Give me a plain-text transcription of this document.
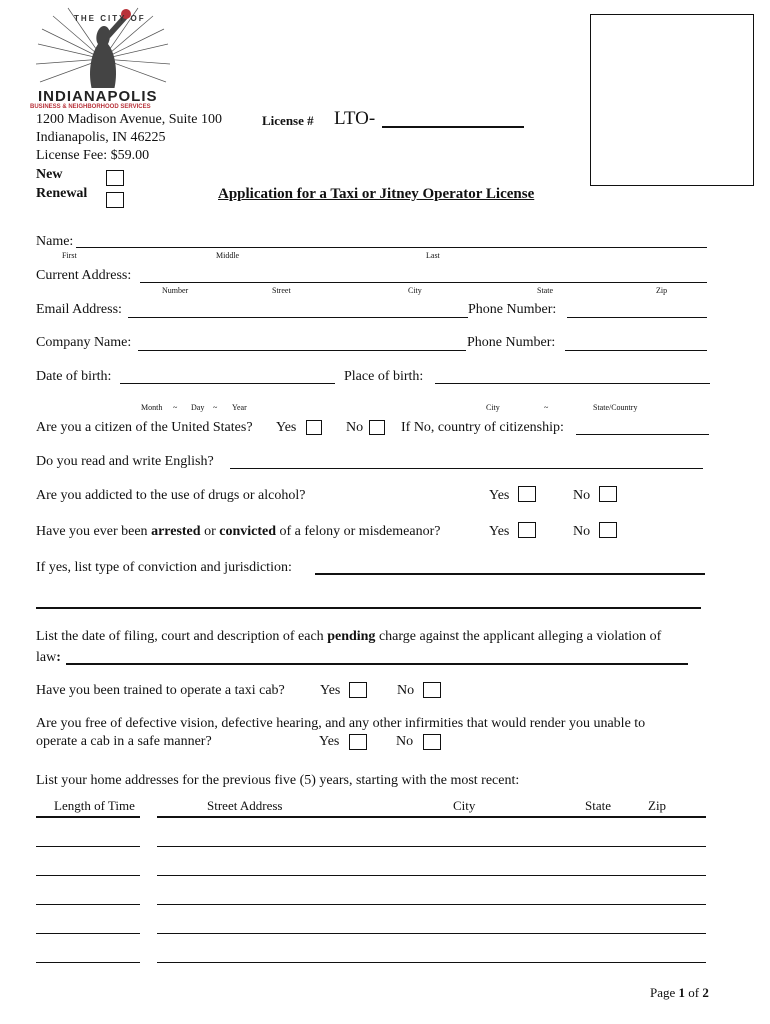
THE CITY OF
INDIANAPOLIS
BUSINESS & NEIGHBORHOOD SERVICES
1200 Madison Avenue, Suite 100
Indianapolis, IN 46225
License Fee: $59.00
New
Renewal
License # LTO-
Application for a Taxi or Jitney Operator License
Name:
First	Middle	Last
Current Address:
Number	Street	City	State	Zip
Email Address:	Phone Number:
Company Name:	Phone Number:
Date of birth:	Place of birth:
Month ~ Day ~ Year	City	~	State/Country
Are you a citizen of the United States? Yes	No	If No, country of citizenship:
Do you read and write English?
Are you addicted to the use of drugs or alcohol?	Yes	No
Have you ever been arrested or convicted of a felony or misdemeanor?	Yes	No
If yes, list type of conviction and jurisdiction:
List the date of filing, court and description of each pending charge against the applicant alleging a violation of
law:
Have you been trained to operate a taxi cab?	Yes	No
Are you free of defective vision, defective hearing, and any other infirmities that would render you unable to
operate a cab in a safe manner?	Yes	No
List your home addresses for the previous five (5) years, starting with the most recent:
Length of Time	Street Address	City	State	Zip
Page 1 of 2
